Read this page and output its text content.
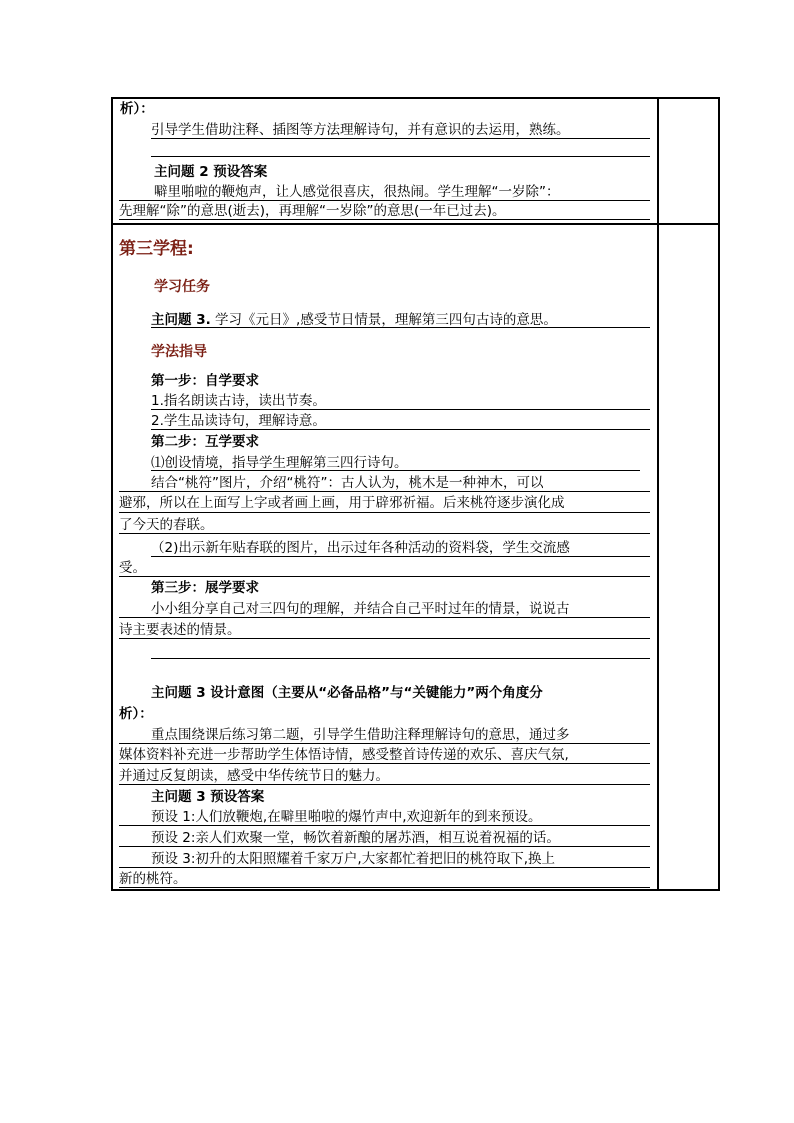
析）：
引导学生借助注释、插图等方法理解诗句，并有意识的去运用，熟练。
主问题 2 预设答案
噼里啪啦的鞭炮声，让人感觉很喜庆，很热闹。学生理解“一岁除”：
先理解“除”的意思(逝去)，再理解“一岁除”的意思(一年已过去)。
第三学程:
学习任务
主问题 3. 学习《元日》,感受节日情景，理解第三四句古诗的意思。
学法指导
第一步：自学要求
1.指名朗读古诗，读出节奏。
2.学生品读诗句，理解诗意。
第二步：互学要求
⑴创设情境，指导学生理解第三四行诗句。
结合“桃符”图片，介绍“桃符”：古人认为，桃木是一种神木，可以
避邪，所以在上面写上字或者画上画，用于辟邪祈福。后来桃符逐步演化成
了今天的春联。
（2)出示新年贴春联的图片，出示过年各种活动的资料袋，学生交流感
受。
第三步：展学要求
小小组分享自己对三四句的理解，并结合自己平时过年的情景，说说古
诗主要表述的情景。
主问题 3 设计意图（主要从“必备品格”与“关键能力”两个角度分
析）：
重点围绕课后练习第二题，引导学生借助注释理解诗句的意思，通过多
媒体资料补充进一步帮助学生体悟诗情，感受整首诗传递的欢乐、喜庆气氛,
并通过反复朗读，感受中华传统节日的魅力。
主问题 3 预设答案
预设 1:人们放鞭炮,在噼里啪啦的爆竹声中,欢迎新年的到来预设。
预设 2:亲人们欢聚一堂，畅饮着新酿的屠苏酒，相互说着祝福的话。
预设 3:初升的太阳照耀着千家万户,大家都忙着把旧的桃符取下,换上
新的桃符。
